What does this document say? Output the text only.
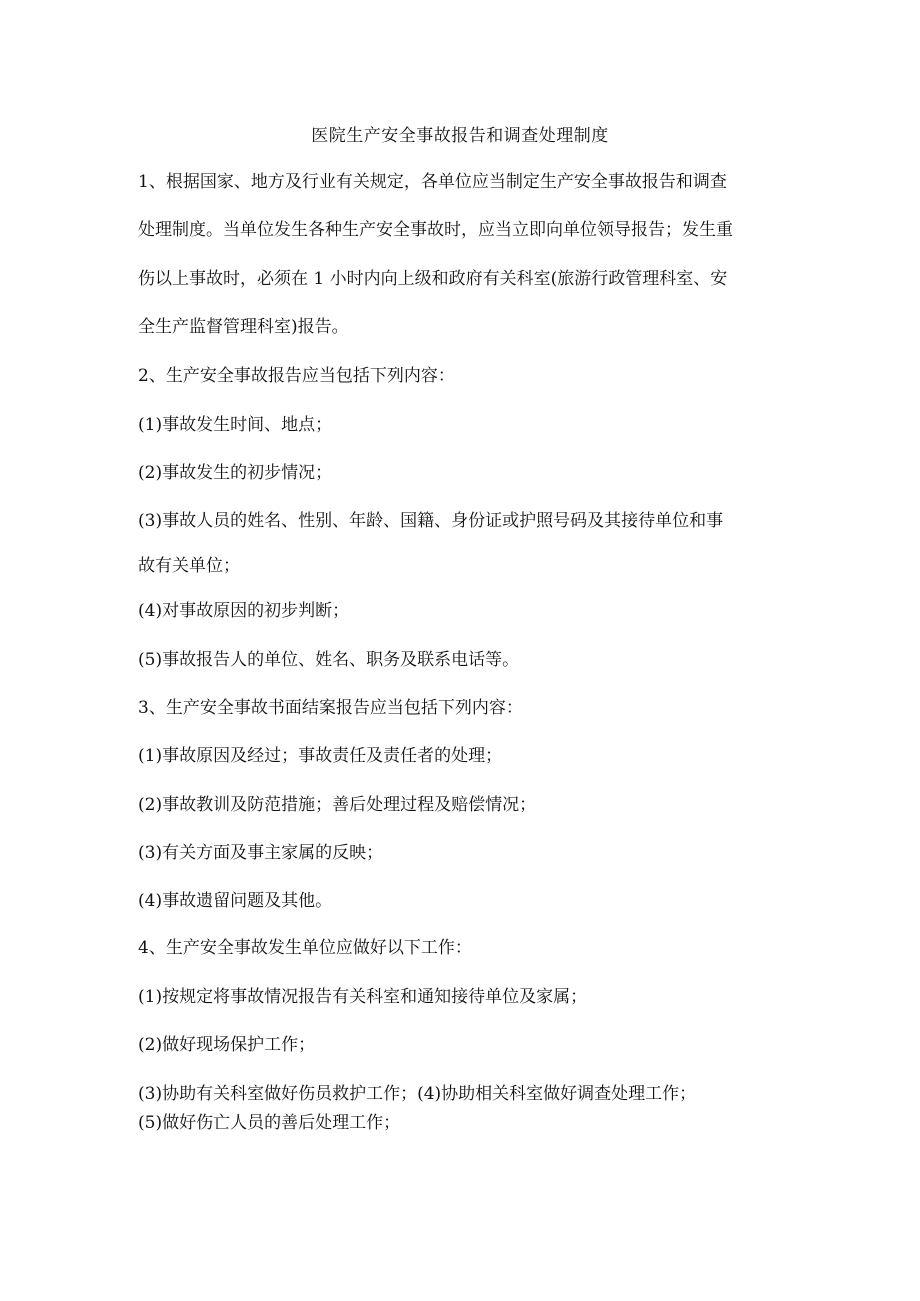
医院生产安全事故报告和调查处理制度
1、根据国家、地方及行业有关规定，各单位应当制定生产安全事故报告和调查
处理制度。当单位发生各种生产安全事故时，应当立即向单位领导报告；发生重
伤以上事故时，必须在 1 小时内向上级和政府有关科室(旅游行政管理科室、安
全生产监督管理科室)报告。
2、生产安全事故报告应当包括下列内容：
(1)事故发生时间、地点；
(2)事故发生的初步情况；
(3)事故人员的姓名、性别、年龄、国籍、身份证或护照号码及其接待单位和事
故有关单位；
(4)对事故原因的初步判断；
(5)事故报告人的单位、姓名、职务及联系电话等。
3、生产安全事故书面结案报告应当包括下列内容：
(1)事故原因及经过；事故责任及责任者的处理；
(2)事故教训及防范措施；善后处理过程及赔偿情况；
(3)有关方面及事主家属的反映；
(4)事故遗留问题及其他。
4、生产安全事故发生单位应做好以下工作：
(1)按规定将事故情况报告有关科室和通知接待单位及家属；
(2)做好现场保护工作；
(3)协助有关科室做好伤员救护工作；(4)协助相关科室做好调查处理工作；
(5)做好伤亡人员的善后处理工作；
